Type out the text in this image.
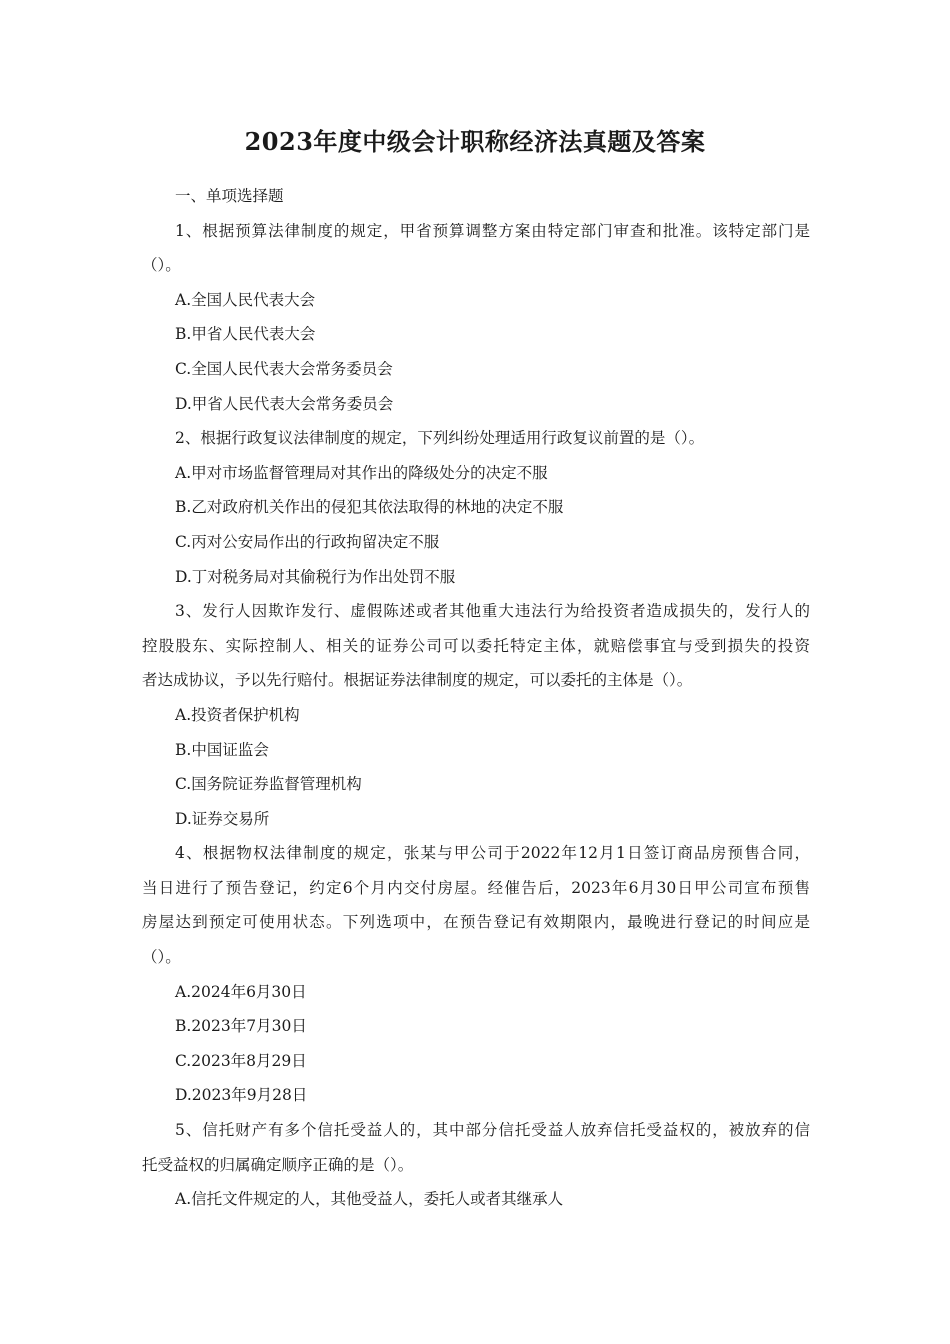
2023年度中级会计职称经济法真题及答案
一、单项选择题
1、根据预算法律制度的规定，甲省预算调整方案由特定部门审查和批准。该特定部门是
（）。
A.全国人民代表大会
B.甲省人民代表大会
C.全国人民代表大会常务委员会
D.甲省人民代表大会常务委员会
2、根据行政复议法律制度的规定，下列纠纷处理适用行政复议前置的是（）。
A.甲对市场监督管理局对其作出的降级处分的决定不服
B.乙对政府机关作出的侵犯其依法取得的林地的决定不服
C.丙对公安局作出的行政拘留决定不服
D.丁对税务局对其偷税行为作出处罚不服
3、发行人因欺诈发行、虚假陈述或者其他重大违法行为给投资者造成损失的，发行人的
控股股东、实际控制人、相关的证券公司可以委托特定主体，就赔偿事宜与受到损失的投资
者达成协议，予以先行赔付。根据证券法律制度的规定，可以委托的主体是（）。
A.投资者保护机构
B.中国证监会
C.国务院证券监督管理机构
D.证券交易所
4、根据物权法律制度的规定，张某与甲公司于2022年12月1日签订商品房预售合同，
当日进行了预告登记，约定6个月内交付房屋。经催告后，2023年6月30日甲公司宣布预售
房屋达到预定可使用状态。下列选项中，在预告登记有效期限内，最晚进行登记的时间应是
（）。
A.2024年6月30日
B.2023年7月30日
C.2023年8月29日
D.2023年9月28日
5、信托财产有多个信托受益人的，其中部分信托受益人放弃信托受益权的，被放弃的信
托受益权的归属确定顺序正确的是（）。
A.信托文件规定的人，其他受益人，委托人或者其继承人
